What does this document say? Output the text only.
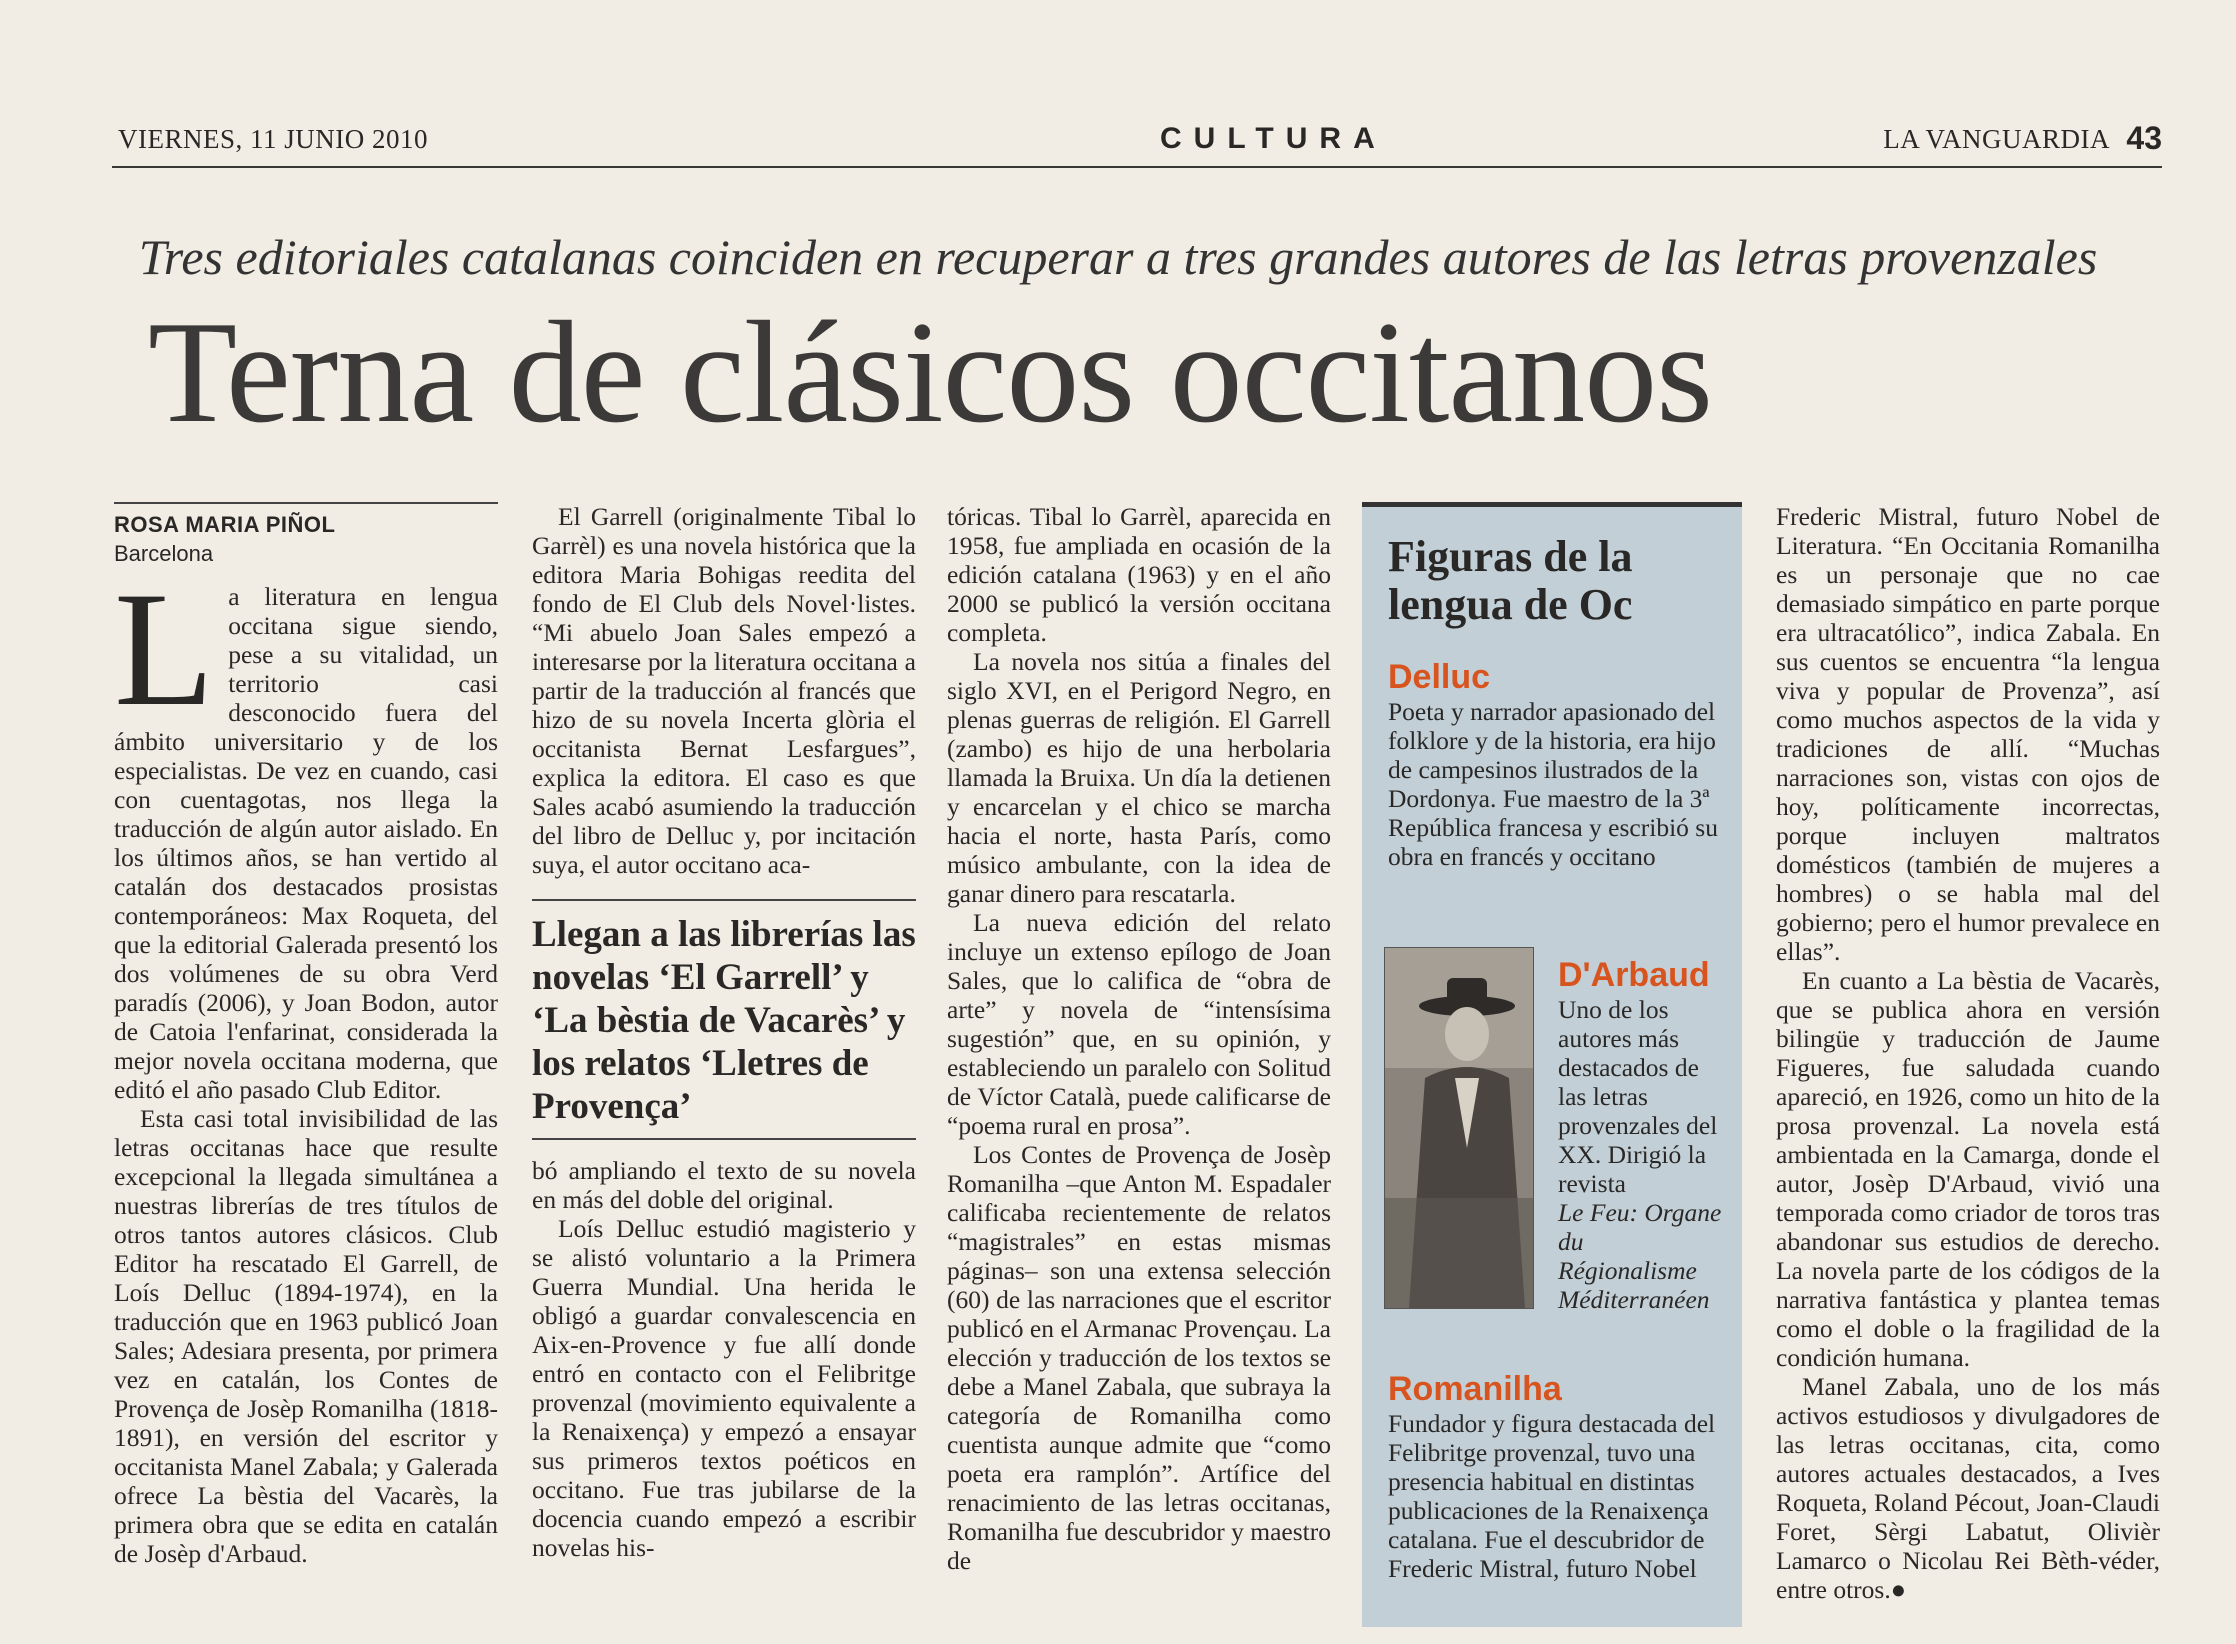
VIERNES, 11 JUNIO 2010	CULTURA	LA VANGUARDIA 43
Tres editoriales catalanas coinciden en recuperar a tres grandes autores de las letras provenzales
Terna de clásicos occitanos
ROSA MARIA PIÑOL
Barcelona
L a literatura en lengua occitana sigue siendo, pese a su vitalidad, un territorio casi desconocido fuera del ámbito universitario y de los especialistas. De vez en cuando, casi con cuentagotas, nos llega la traducción de algún autor aislado. En los últimos años, se han vertido al catalán dos destacados prosistas contemporáneos: Max Roqueta, del que la editorial Galerada presentó los dos volúmenes de su obra Verd paradís (2006), y Joan Bodon, autor de Catoia l'enfarinat, considerada la mejor novela occitana moderna, que editó el año pasado Club Editor.

Esta casi total invisibilidad de las letras occitanas hace que resulte excepcional la llegada simultánea a nuestras librerías de tres títulos de otros tantos autores clásicos. Club Editor ha rescatado El Garrell, de Loís Delluc (1894-1974), en la traducción que en 1963 publicó Joan Sales; Adesiara presenta, por primera vez en catalán, los Contes de Provença de Josèp Romanilha (1818-1891), en versión del escritor y occitanista Manel Zabala; y Galerada ofrece La bèstia del Vacarès, la primera obra que se edita en catalán de Josèp d'Arbaud.

El Garrell (originalmente Tibal lo Garrèl) es una novela histórica que la editora Maria Bohigas reedita del fondo de El Club dels Novel·listes. “Mi abuelo Joan Sales empezó a interesarse por la literatura occitana a partir de la traducción al francés que hizo de su novela Incerta glòria el occitanista Bernat Lesfargues”, explica la editora. El caso es que Sales acabó asumiendo la traducción del libro de Delluc y, por incitación suya, el autor occitano aca-

Llegan a las librerías las novelas ‘El Garrell’ y ‘La bèstia de Vacarès’ y los relatos ‘Lletres de Provença’

bó ampliando el texto de su novela en más del doble del original.

Loís Delluc estudió magisterio y se alistó voluntario a la Primera Guerra Mundial. Una herida le obligó a guardar convalescencia en Aix-en-Provence y fue allí donde entró en contacto con el Felibritge provenzal (movimiento equivalente a la Renaixença) y empezó a ensayar sus primeros textos poéticos en occitano. Fue tras jubilarse de la docencia cuando empezó a escribir novelas his-

tóricas. Tibal lo Garrèl, aparecida en 1958, fue ampliada en ocasión de la edición catalana (1963) y en el año 2000 se publicó la versión occitana completa.

La novela nos sitúa a finales del siglo XVI, en el Perigord Negro, en plenas guerras de religión. El Garrell (zambo) es hijo de una herbolaria llamada la Bruixa. Un día la detienen y encarcelan y el chico se marcha hacia el norte, hasta París, como músico ambulante, con la idea de ganar dinero para rescatarla.

La nueva edición del relato incluye un extenso epílogo de Joan Sales, que lo califica de “obra de arte” y novela de “intensísima sugestión” que, en su opinión, y estableciendo un paralelo con Solitud de Víctor Català, puede calificarse de “poema rural en prosa”.

Los Contes de Provença de Josèp Romanilha –que Anton M. Espadaler calificaba recientemente de relatos “magistrales” en estas mismas páginas– son una extensa selección (60) de las narraciones que el escritor publicó en el Armanac Provençau. La elección y traducción de los textos se debe a Manel Zabala, que subraya la categoría de Romanilha como cuentista aunque admite que “como poeta era ramplón”. Artífice del renacimiento de las letras occitanas, Romanilha fue descubridor y maestro de

Figuras de la lengua de Oc
Delluc
Poeta y narrador apasionado del folklore y de la historia, era hijo de campesinos ilustrados de la Dordonya. Fue maestro de la 3ª República francesa y escribió su obra en francés y occitano
D'Arbaud
Uno de los autores más destacados de las letras provenzales del XX. Dirigió la revista
Le Feu: Organe du Régionalisme Méditerranéen
Romanilha
Fundador y figura destacada del Felibritge provenzal, tuvo una presencia habitual en distintas publicaciones de la Renaixença catalana. Fue el descubridor de Frederic Mistral, futuro Nobel

Frederic Mistral, futuro Nobel de Literatura. “En Occitania Romanilha es un personaje que no cae demasiado simpático en parte porque era ultracatólico”, indica Zabala. En sus cuentos se encuentra “la lengua viva y popular de Provenza”, así como muchos aspectos de la vida y tradiciones de allí. “Muchas narraciones son, vistas con ojos de hoy, políticamente incorrectas, porque incluyen maltratos domésticos (también de mujeres a hombres) o se habla mal del gobierno; pero el humor prevalece en ellas”.

En cuanto a La bèstia de Vacarès, que se publica ahora en versión bilingüe y traducción de Jaume Figueres, fue saludada cuando apareció, en 1926, como un hito de la prosa provenzal. La novela está ambientada en la Camarga, donde el autor, Josèp D'Arbaud, vivió una temporada como criador de toros tras abandonar sus estudios de derecho. La novela parte de los códigos de la narrativa fantástica y plantea temas como el doble o la fragilidad de la condición humana.

Manel Zabala, uno de los más activos estudiosos y divulgadores de las letras occitanas, cita, como autores actuales destacados, a Ives Roqueta, Roland Pécout, Joan-Claudi Foret, Sèrgi Labatut, Olivièr Lamarco o Nicolau Rei Bèth-véder, entre otros.●
